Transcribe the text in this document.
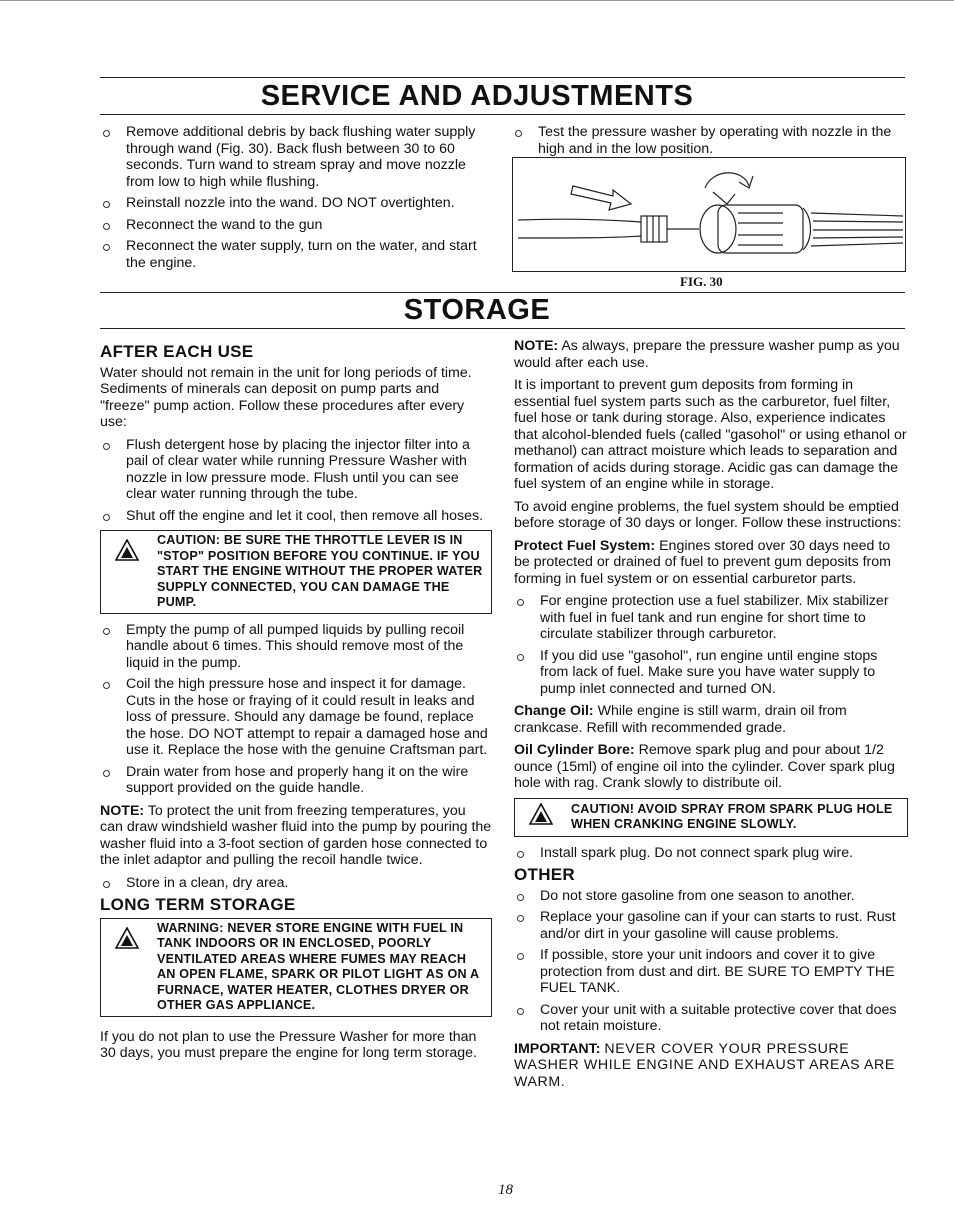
SERVICE AND ADJUSTMENTS
Remove additional debris by back flushing water supply through wand (Fig. 30). Back flush between 30 to 60 seconds. Turn wand to stream spray and move nozzle from low to high while flushing.
Reinstall nozzle into the wand. DO NOT overtighten.
Reconnect the wand to the gun
Reconnect the water supply, turn on the water, and start the engine.
Test the pressure washer by operating with nozzle in the high and in the low position.
FIG. 30
STORAGE
AFTER EACH USE

Water should not remain in the unit for long periods of time. Sediments of minerals can deposit on pump parts and "freeze" pump action. Follow these procedures after every use:

Flush detergent hose by placing the injector filter into a pail of clear water while running Pressure Washer with nozzle in low pressure mode. Flush until you can see clear water running through the tube.
Shut off the engine and let it cool, then remove all hoses.
CAUTION: BE SURE THE THROTTLE LEVER IS IN "STOP" POSITION BEFORE YOU CONTINUE. IF YOU START THE ENGINE WITHOUT THE PROPER WATER SUPPLY CONNECTED, YOU CAN DAMAGE THE PUMP.
Empty the pump of all pumped liquids by pulling recoil handle about 6 times. This should remove most of the liquid in the pump.
Coil the high pressure hose and inspect it for damage. Cuts in the hose or fraying of it could result in leaks and loss of pressure. Should any damage be found, replace the hose. DO NOT attempt to repair a damaged hose and use it. Replace the hose with the genuine Craftsman part.
Drain water from hose and properly hang it on the wire support provided on the guide handle.

NOTE: To protect the unit from freezing temperatures, you can draw windshield washer fluid into the pump by pouring the washer fluid into a 3-foot section of garden hose connected to the inlet adaptor and pulling the recoil handle twice.

Store in a clean, dry area.
LONG TERM STORAGE
WARNING: NEVER STORE ENGINE WITH FUEL IN TANK INDOORS OR IN ENCLOSED, POORLY VENTILATED AREAS WHERE FUMES MAY REACH AN OPEN FLAME, SPARK OR PILOT LIGHT AS ON A FURNACE, WATER HEATER, CLOTHES DRYER OR OTHER GAS APPLIANCE.

If you do not plan to use the Pressure Washer for more than 30 days, you must prepare the engine for long term storage.

NOTE: As always, prepare the pressure washer pump as you would after each use.

It is important to prevent gum deposits from forming in essential fuel system parts such as the carburetor, fuel filter, fuel hose or tank during storage. Also, experience indicates that alcohol-blended fuels (called "gasohol" or using ethanol or methanol) can attract moisture which leads to separation and formation of acids during storage. Acidic gas can damage the fuel system of an engine while in storage.

To avoid engine problems, the fuel system should be emptied before storage of 30 days or longer. Follow these instructions:

Protect Fuel System: Engines stored over 30 days need to be protected or drained of fuel to prevent gum deposits from forming in fuel system or on essential carburetor parts.

For engine protection use a fuel stabilizer. Mix stabilizer with fuel in fuel tank and run engine for short time to circulate stabilizer through carburetor.
If you did use "gasohol", run engine until engine stops from lack of fuel. Make sure you have water supply to pump inlet connected and turned ON.

Change Oil: While engine is still warm, drain oil from crankcase. Refill with recommended grade.

Oil Cylinder Bore: Remove spark plug and pour about 1/2 ounce (15ml) of engine oil into the cylinder. Cover spark plug hole with rag. Crank slowly to distribute oil.

CAUTION! AVOID SPRAY FROM SPARK PLUG HOLE WHEN CRANKING ENGINE SLOWLY.
Install spark plug. Do not connect spark plug wire.
OTHER
Do not store gasoline from one season to another.
Replace your gasoline can if your can starts to rust. Rust and/or dirt in your gasoline will cause problems.
If possible, store your unit indoors and cover it to give protection from dust and dirt. BE SURE TO EMPTY THE FUEL TANK.
Cover your unit with a suitable protective cover that does not retain moisture.

IMPORTANT: NEVER COVER YOUR PRESSURE WASHER WHILE ENGINE AND EXHAUST AREAS ARE WARM.

18
